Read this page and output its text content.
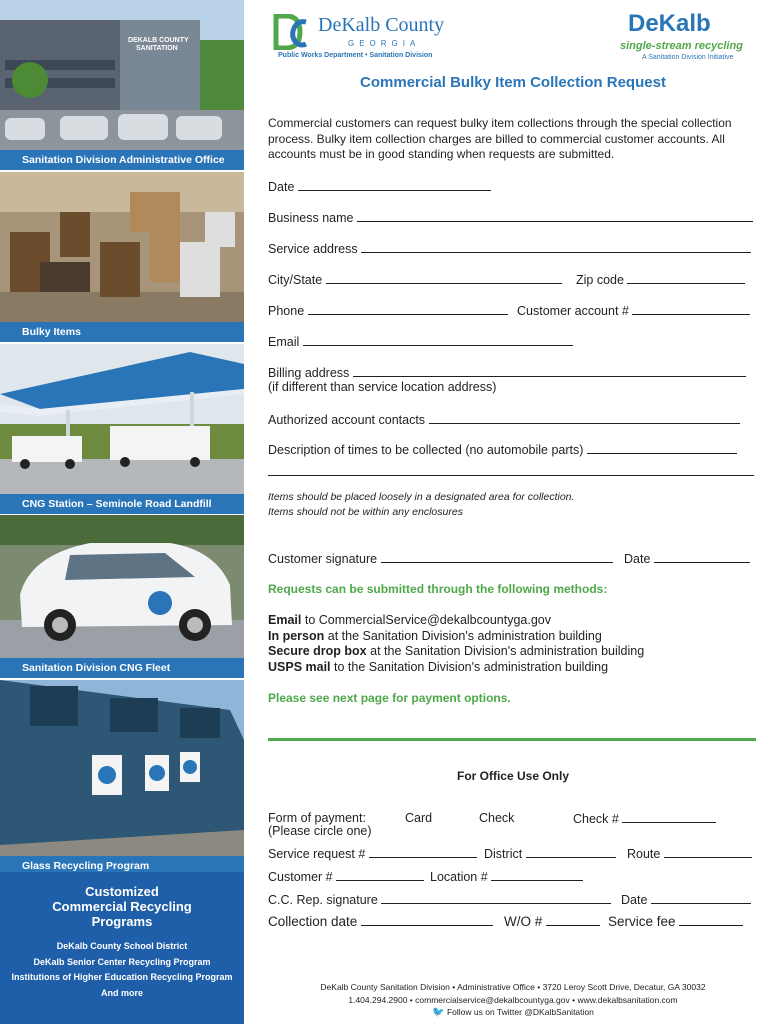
DEKALB COUNTY
SANITATION
Sanitation Division Administrative Office
Bulky Items
CNG Station – Seminole Road Landfill
Sanitation Division CNG Fleet
Glass Recycling Program
Customized Commercial Recycling Programs
DeKalb County School District
DeKalb Senior Center Recycling Program
Institutions of Higher Education Recycling Program
And more
DeKalb County
GEORGIA
Public Works Department • Sanitation Division
DeKalb
single-stream recycling
A Sanitation Division Initiative
Commercial Bulky Item Collection Request
Commercial customers can request bulky item collections through the special collection process. Bulky item collection charges are billed to commercial customer accounts. All accounts must be in good standing when requests are submitted.
Date
Business name
Service address
City/State	Zip code
Phone	Customer account #
Email
Billing address
(if different than service location address)
Authorized account contacts
Description of times to be collected (no automobile parts)
Items should be placed loosely in a designated area for collection.
Items should not be within any enclosures
Customer signature	Date
Requests can be submitted through the following methods:
Email to CommercialService@dekalbcountyga.gov
In person at the Sanitation Division's administration building
Secure drop box at the Sanitation Division's administration building
USPS mail to the Sanitation Division's administration building
Please see next page for payment options.
For Office Use Only
Form of payment:
(Please circle one)
Card	Check	Check #
Service request #	District	Route
Customer #	Location #
C.C. Rep. signature	Date
Collection date	W/O #	Service fee
DeKalb County Sanitation Division • Administrative Office • 3720 Leroy Scott Drive, Decatur, GA 30032
1.404.294.2900 • commercialservice@dekalbcountyga.gov • www.dekalbsanitation.com
🐦 Follow us on Twitter @DKalbSanitation
